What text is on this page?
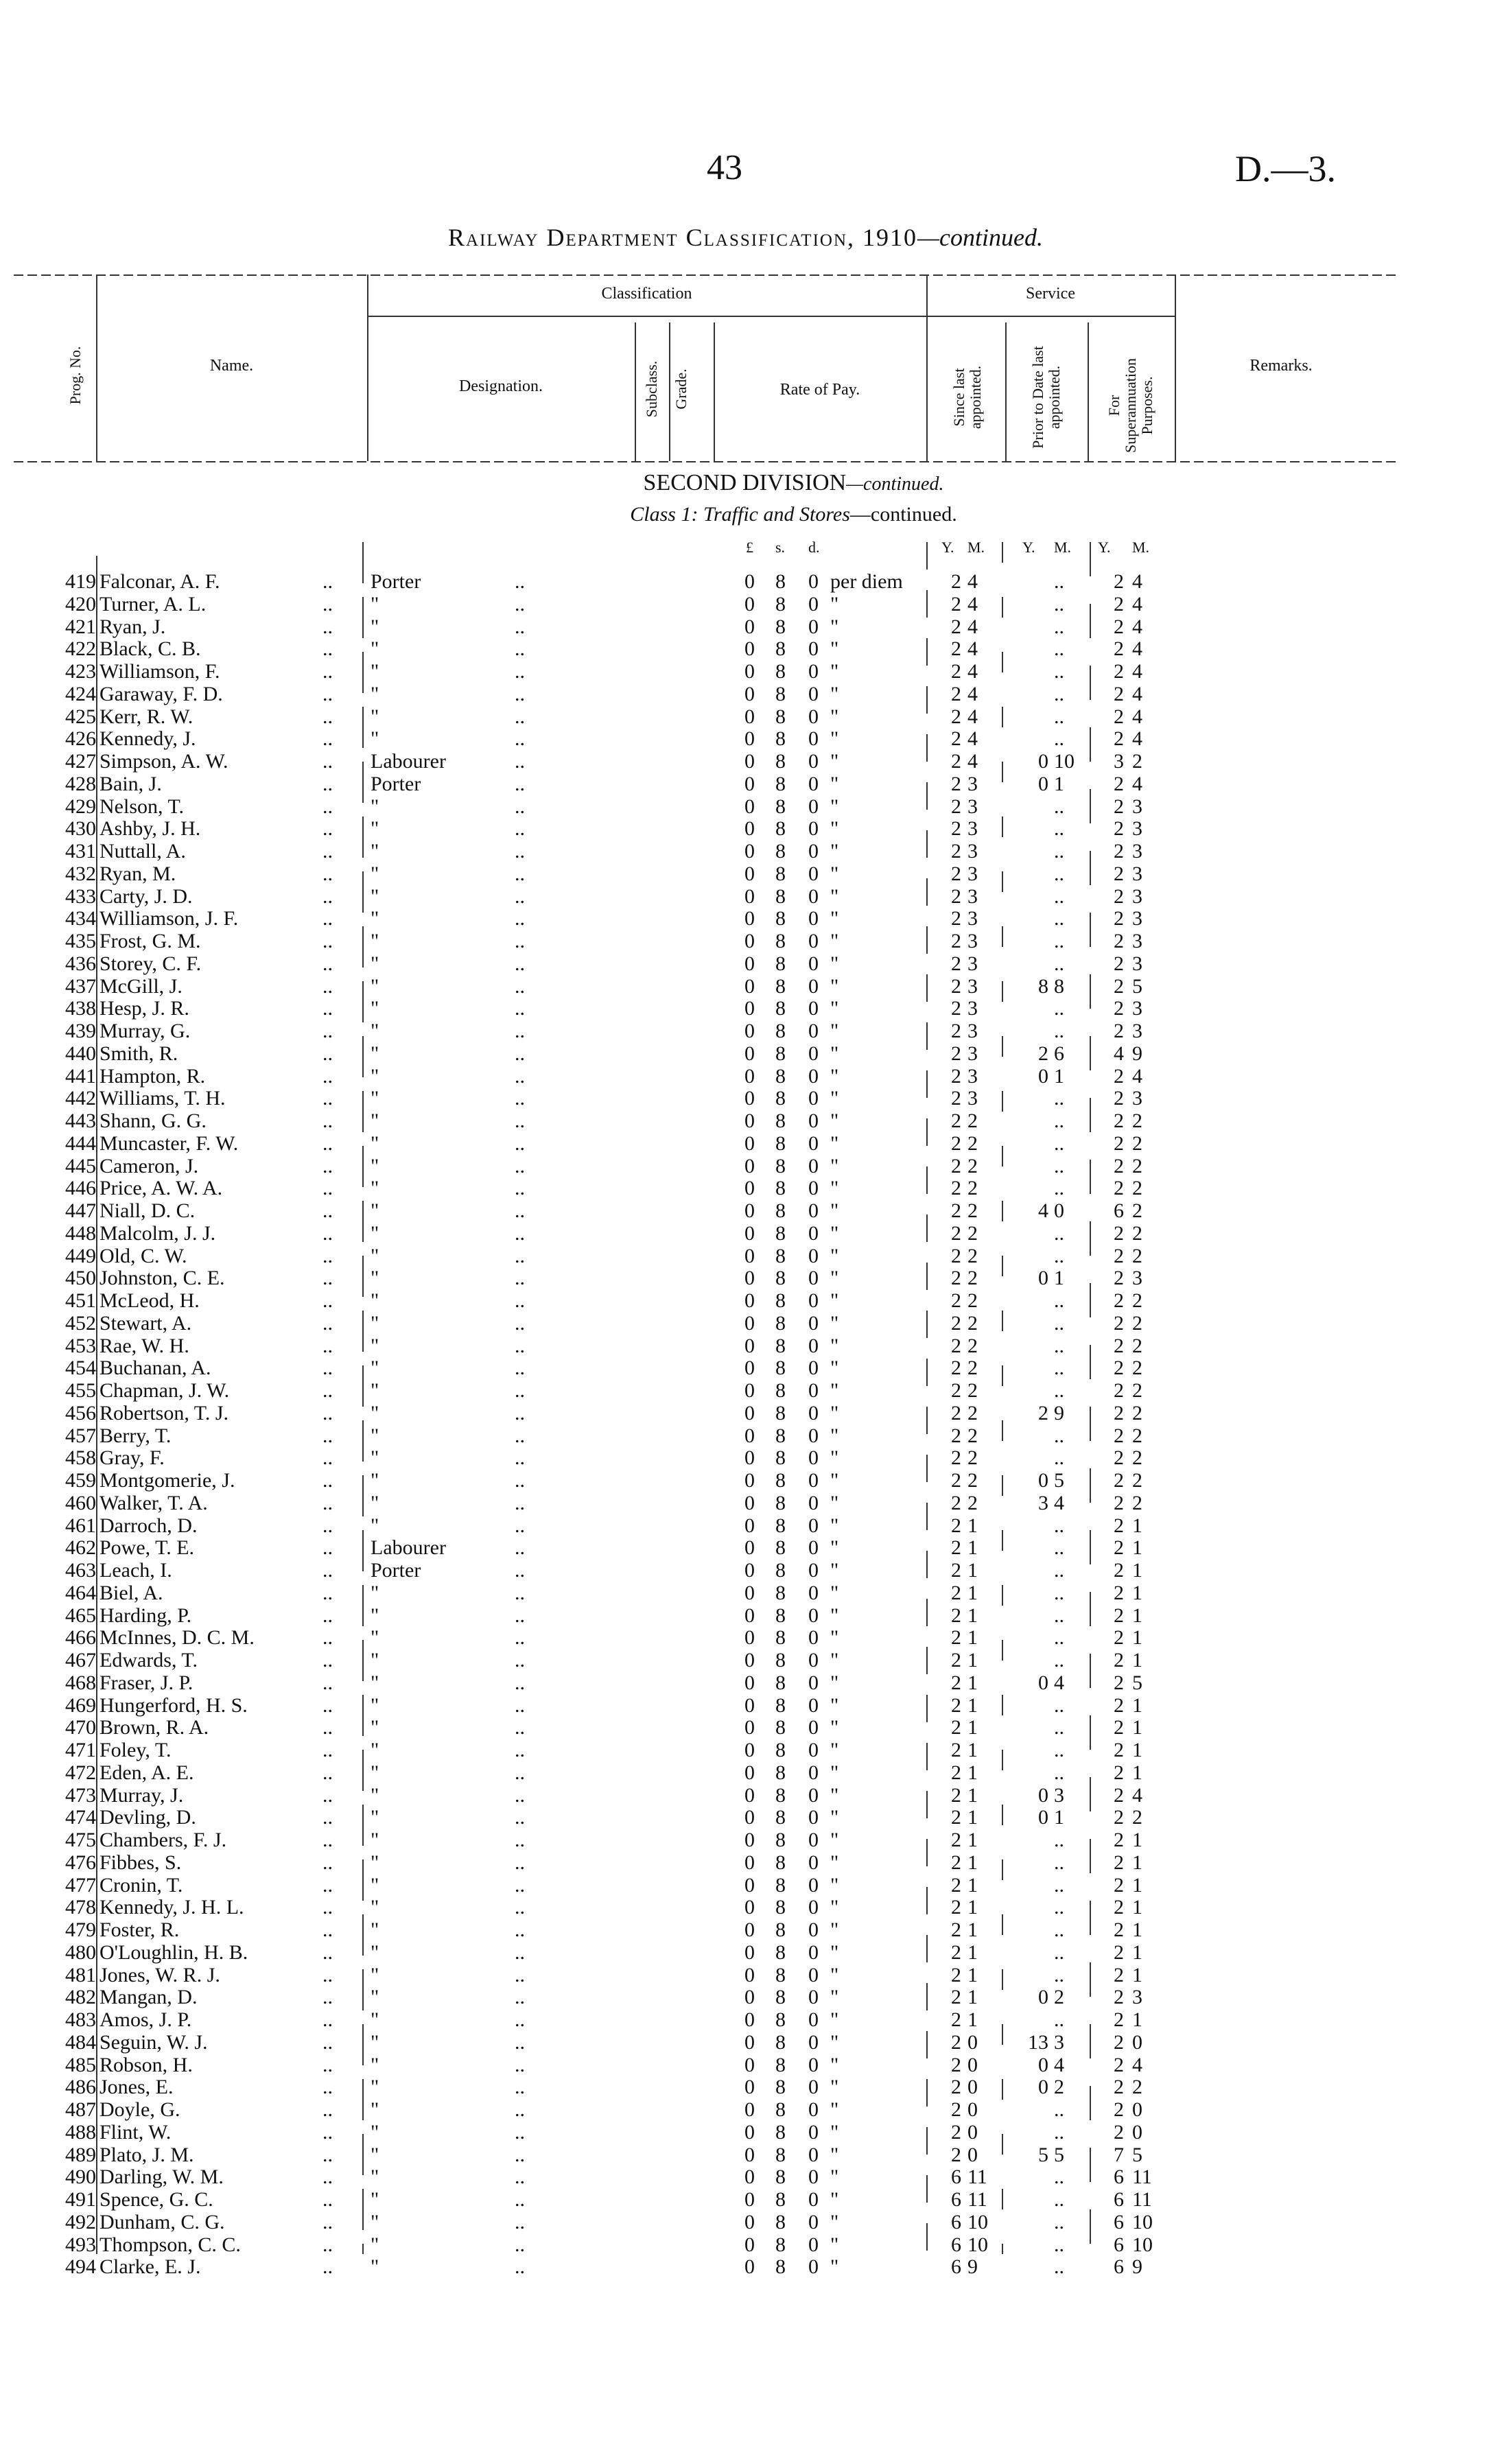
43	D.—3.
Railway Department Classification, 1910—continued.
Prog. No.	Name.
Classification
Designation.	Subclass. Grade.	Rate of Pay.
Service
Since last appointed.	Prior to Date last appointed.	For Superannuation Purposes.
Remarks.
SECOND DIVISION—continued.
Class 1: Traffic and Stores—continued.
£ s. d.	Y. M. Y. M. Y. M.
419 Falconar, A. F.	.. Porter	..	0 8 0 per diem	2 4	..	2 4
420 Turner, A. L.	.. "	..	0 8 0 "	2 4	..	2 4
421 Ryan, J.	.. "	..	0 8 0 "	2 4	..	2 4
422 Black, C. B.	.. "	..	0 8 0 "	2 4	..	2 4
423 Williamson, F.	.. "	..	0 8 0 "	2 4	..	2 4
424 Garaway, F. D.	.. "	..	0 8 0 "	2 4	..	2 4
425 Kerr, R. W.	.. "	..	0 8 0 "	2 4	..	2 4
426 Kennedy, J.	.. "	..	0 8 0 "	2 4	..	2 4
427 Simpson, A. W.	.. Labourer	..	0 8 0 "	2 4	0 10	3 2
428 Bain, J.	.. Porter	..	0 8 0 "	2 3	0 1	2 4
429 Nelson, T.	.. "	..	0 8 0 "	2 3	..	2 3
430 Ashby, J. H.	.. "	..	0 8 0 "	2 3	..	2 3
431 Nuttall, A.	.. "	..	0 8 0 "	2 3	..	2 3
432 Ryan, M.	.. "	..	0 8 0 "	2 3	..	2 3
433 Carty, J. D.	.. "	..	0 8 0 "	2 3	..	2 3
434 Williamson, J. F.	.. "	..	0 8 0 "	2 3	..	2 3
435 Frost, G. M.	.. "	..	0 8 0 "	2 3	..	2 3
436 Storey, C. F.	.. "	..	0 8 0 "	2 3	..	2 3
437 McGill, J.	.. "	..	0 8 0 "	2 3	8 8	2 5
438 Hesp, J. R.	.. "	..	0 8 0 "	2 3	..	2 3
439 Murray, G.	.. "	..	0 8 0 "	2 3	..	2 3
440 Smith, R.	.. "	..	0 8 0 "	2 3	2 6	4 9
441 Hampton, R.	.. "	..	0 8 0 "	2 3	0 1	2 4
442 Williams, T. H.	.. "	..	0 8 0 "	2 3	..	2 3
443 Shann, G. G.	.. "	..	0 8 0 "	2 2	..	2 2
444 Muncaster, F. W.	.. "	..	0 8 0 "	2 2	..	2 2
445 Cameron, J.	.. "	..	0 8 0 "	2 2	..	2 2
446 Price, A. W. A.	.. "	..	0 8 0 "	2 2	..	2 2
447 Niall, D. C.	.. "	..	0 8 0 "	2 2	4 0	6 2
448 Malcolm, J. J.	.. "	..	0 8 0 "	2 2	..	2 2
449 Old, C. W.	.. "	..	0 8 0 "	2 2	..	2 2
450 Johnston, C. E.	.. "	..	0 8 0 "	2 2	0 1	2 3
451 McLeod, H.	.. "	..	0 8 0 "	2 2	..	2 2
452 Stewart, A.	.. "	..	0 8 0 "	2 2	..	2 2
453 Rae, W. H.	.. "	..	0 8 0 "	2 2	..	2 2
454 Buchanan, A.	.. "	..	0 8 0 "	2 2	..	2 2
455 Chapman, J. W.	.. "	..	0 8 0 "	2 2	..	2 2
456 Robertson, T. J.	.. "	..	0 8 0 "	2 2	2 9	2 2
457 Berry, T.	.. "	..	0 8 0 "	2 2	..	2 2
458 Gray, F.	.. "	..	0 8 0 "	2 2	..	2 2
459 Montgomerie, J.	.. "	..	0 8 0 "	2 2	0 5	2 2
460 Walker, T. A.	.. "	..	0 8 0 "	2 2	3 4	2 2
461 Darroch, D.	.. "	..	0 8 0 "	2 1	..	2 1
462 Powe, T. E.	.. Labourer	..	0 8 0 "	2 1	..	2 1
463 Leach, I.	.. Porter	..	0 8 0 "	2 1	..	2 1
464 Biel, A.	.. "	..	0 8 0 "	2 1	..	2 1
465 Harding, P.	.. "	..	0 8 0 "	2 1	..	2 1
466 McInnes, D. C. M.	.. "	..	0 8 0 "	2 1	..	2 1
467 Edwards, T.	.. "	..	0 8 0 "	2 1	..	2 1
468 Fraser, J. P.	.. "	..	0 8 0 "	2 1	0 4	2 5
469 Hungerford, H. S.	.. "	..	0 8 0 "	2 1	..	2 1
470 Brown, R. A.	.. "	..	0 8 0 "	2 1	..	2 1
471 Foley, T.	.. "	..	0 8 0 "	2 1	..	2 1
472 Eden, A. E.	.. "	..	0 8 0 "	2 1	..	2 1
473 Murray, J.	.. "	..	0 8 0 "	2 1	0 3	2 4
474 Devling, D.	.. "	..	0 8 0 "	2 1	0 1	2 2
475 Chambers, F. J.	.. "	..	0 8 0 "	2 1	..	2 1
476 Fibbes, S.	.. "	..	0 8 0 "	2 1	..	2 1
477 Cronin, T.	.. "	..	0 8 0 "	2 1	..	2 1
478 Kennedy, J. H. L.	.. "	..	0 8 0 "	2 1	..	2 1
479 Foster, R.	.. "	..	0 8 0 "	2 1	..	2 1
480 O'Loughlin, H. B.	.. "	..	0 8 0 "	2 1	..	2 1
481 Jones, W. R. J.	.. "	..	0 8 0 "	2 1	..	2 1
482 Mangan, D.	.. "	..	0 8 0 "	2 1	0 2	2 3
483 Amos, J. P.	.. "	..	0 8 0 "	2 1	..	2 1
484 Seguin, W. J.	.. "	..	0 8 0 "	2 0	13 3	2 0
485 Robson, H.	.. "	..	0 8 0 "	2 0	0 4	2 4
486 Jones, E.	.. "	..	0 8 0 "	2 0	0 2	2 2
487 Doyle, G.	.. "	..	0 8 0 "	2 0	..	2 0
488 Flint, W.	.. "	..	0 8 0 "	2 0	..	2 0
489 Plato, J. M.	.. "	..	0 8 0 "	2 0	5 5	7 5
490 Darling, W. M.	.. "	..	0 8 0 "	6 11	..	6 11
491 Spence, G. C.	.. "	..	0 8 0 "	6 11	..	6 11
492 Dunham, C. G.	.. "	..	0 8 0 "	6 10	..	6 10
493 Thompson, C. C.	.. "	..	0 8 0 "	6 10	..	6 10
494 Clarke, E. J.	.. "	..	0 8 0 "	6 9	..	6 9
